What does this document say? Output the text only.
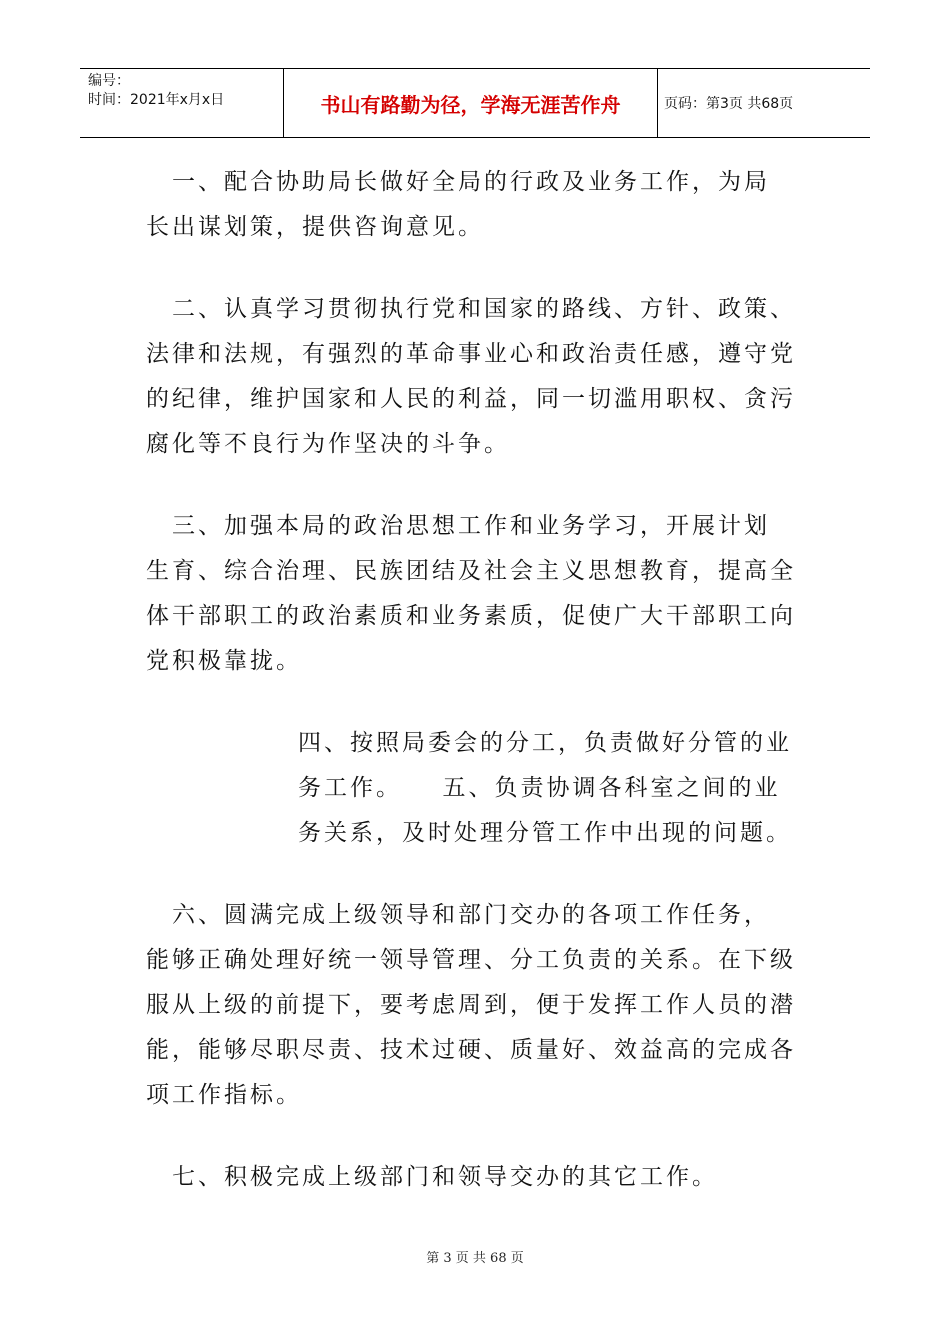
编号：
时间：2021年x月x日	书山有路勤为径，学海无涯苦作舟	页码：第3页 共68页

　一、配合协助局长做好全局的行政及业务工作，为局
长出谋划策，提供咨询意见。

　二、认真学习贯彻执行党和国家的路线、方针、政策、
法律和法规，有强烈的革命事业心和政治责任感，遵守党
的纪律，维护国家和人民的利益，同一切滥用职权、贪污
腐化等不良行为作坚决的斗争。

　三、加强本局的政治思想工作和业务学习，开展计划
生育、综合治理、民族团结及社会主义思想教育，提高全
体干部职工的政治素质和业务素质，促使广大干部职工向
党积极靠拢。

四、按照局委会的分工，负责做好分管的业
务工作。　　五、负责协调各科室之间的业
务关系，及时处理分管工作中出现的问题。

　六、圆满完成上级领导和部门交办的各项工作任务，
能够正确处理好统一领导管理、分工负责的关系。在下级
服从上级的前提下，要考虑周到，便于发挥工作人员的潜
能，能够尽职尽责、技术过硬、质量好、效益高的完成各
项工作指标。

　七、积极完成上级部门和领导交办的其它工作。

第 3 页 共 68 页
